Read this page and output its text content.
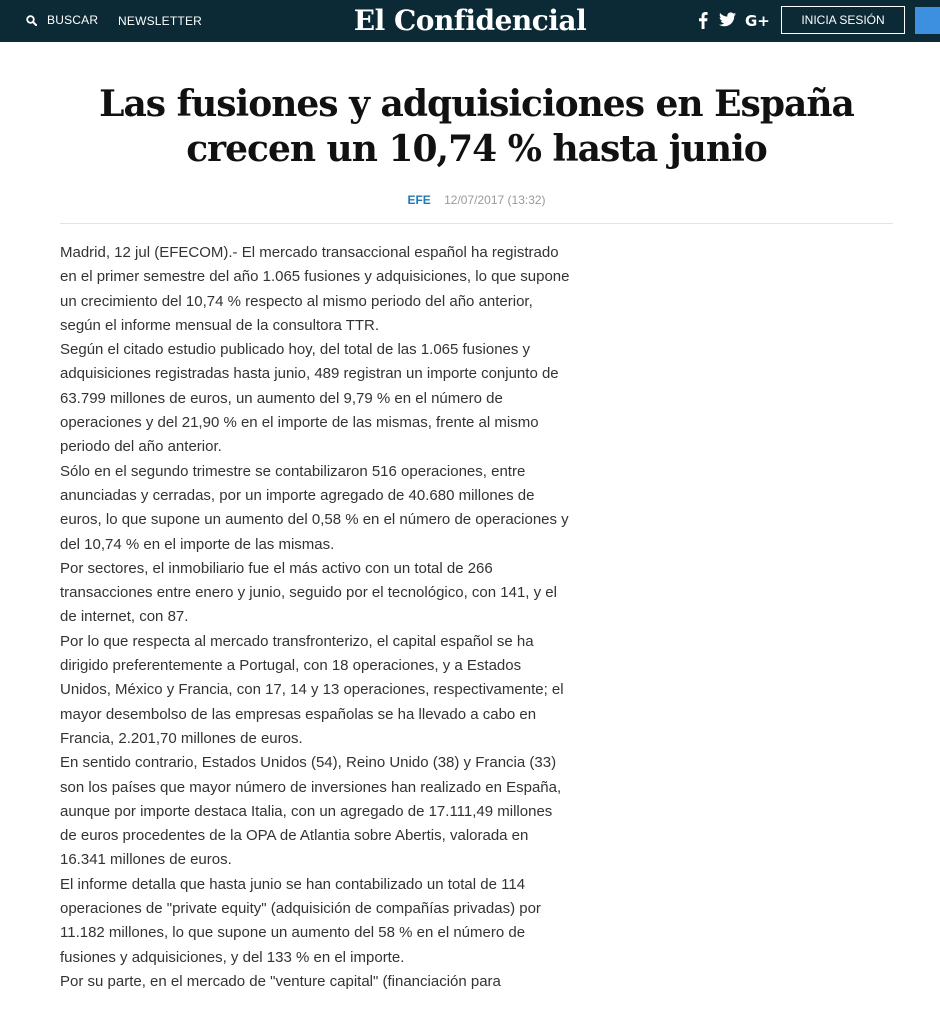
BUSCAR NEWSLETTER	El Confidencial	G+	INICIA SESIÓN
Las fusiones y adquisiciones en España crecen un 10,74 % hasta junio
EFE 12/07/2017 (13:32)

Madrid, 12 jul (EFECOM).- El mercado transaccional español ha registrado en el primer semestre del año 1.065 fusiones y adquisiciones, lo que supone un crecimiento del 10,74 % respecto al mismo periodo del año anterior, según el informe mensual de la consultora TTR.

Según el citado estudio publicado hoy, del total de las 1.065 fusiones y adquisiciones registradas hasta junio, 489 registran un importe conjunto de 63.799 millones de euros, un aumento del 9,79 % en el número de operaciones y del 21,90 % en el importe de las mismas, frente al mismo periodo del año anterior.

Sólo en el segundo trimestre se contabilizaron 516 operaciones, entre anunciadas y cerradas, por un importe agregado de 40.680 millones de euros, lo que supone un aumento del 0,58 % en el número de operaciones y del 10,74 % en el importe de las mismas.

Por sectores, el inmobiliario fue el más activo con un total de 266 transacciones entre enero y junio, seguido por el tecnológico, con 141, y el de internet, con 87.

Por lo que respecta al mercado transfronterizo, el capital español se ha dirigido preferentemente a Portugal, con 18 operaciones, y a Estados Unidos, México y Francia, con 17, 14 y 13 operaciones, respectivamente; el mayor desembolso de las empresas españolas se ha llevado a cabo en Francia, 2.201,70 millones de euros.

En sentido contrario, Estados Unidos (54), Reino Unido (38) y Francia (33) son los países que mayor número de inversiones han realizado en España, aunque por importe destaca Italia, con un agregado de 17.111,49 millones de euros procedentes de la OPA de Atlantia sobre Abertis, valorada en 16.341 millones de euros.

El informe detalla que hasta junio se han contabilizado un total de 114 operaciones de "private equity" (adquisición de compañías privadas) por 11.182 millones, lo que supone un aumento del 58 % en el número de fusiones y adquisiciones, y del 133 % en el importe.

Por su parte, en el mercado de "venture capital" (financiación para
